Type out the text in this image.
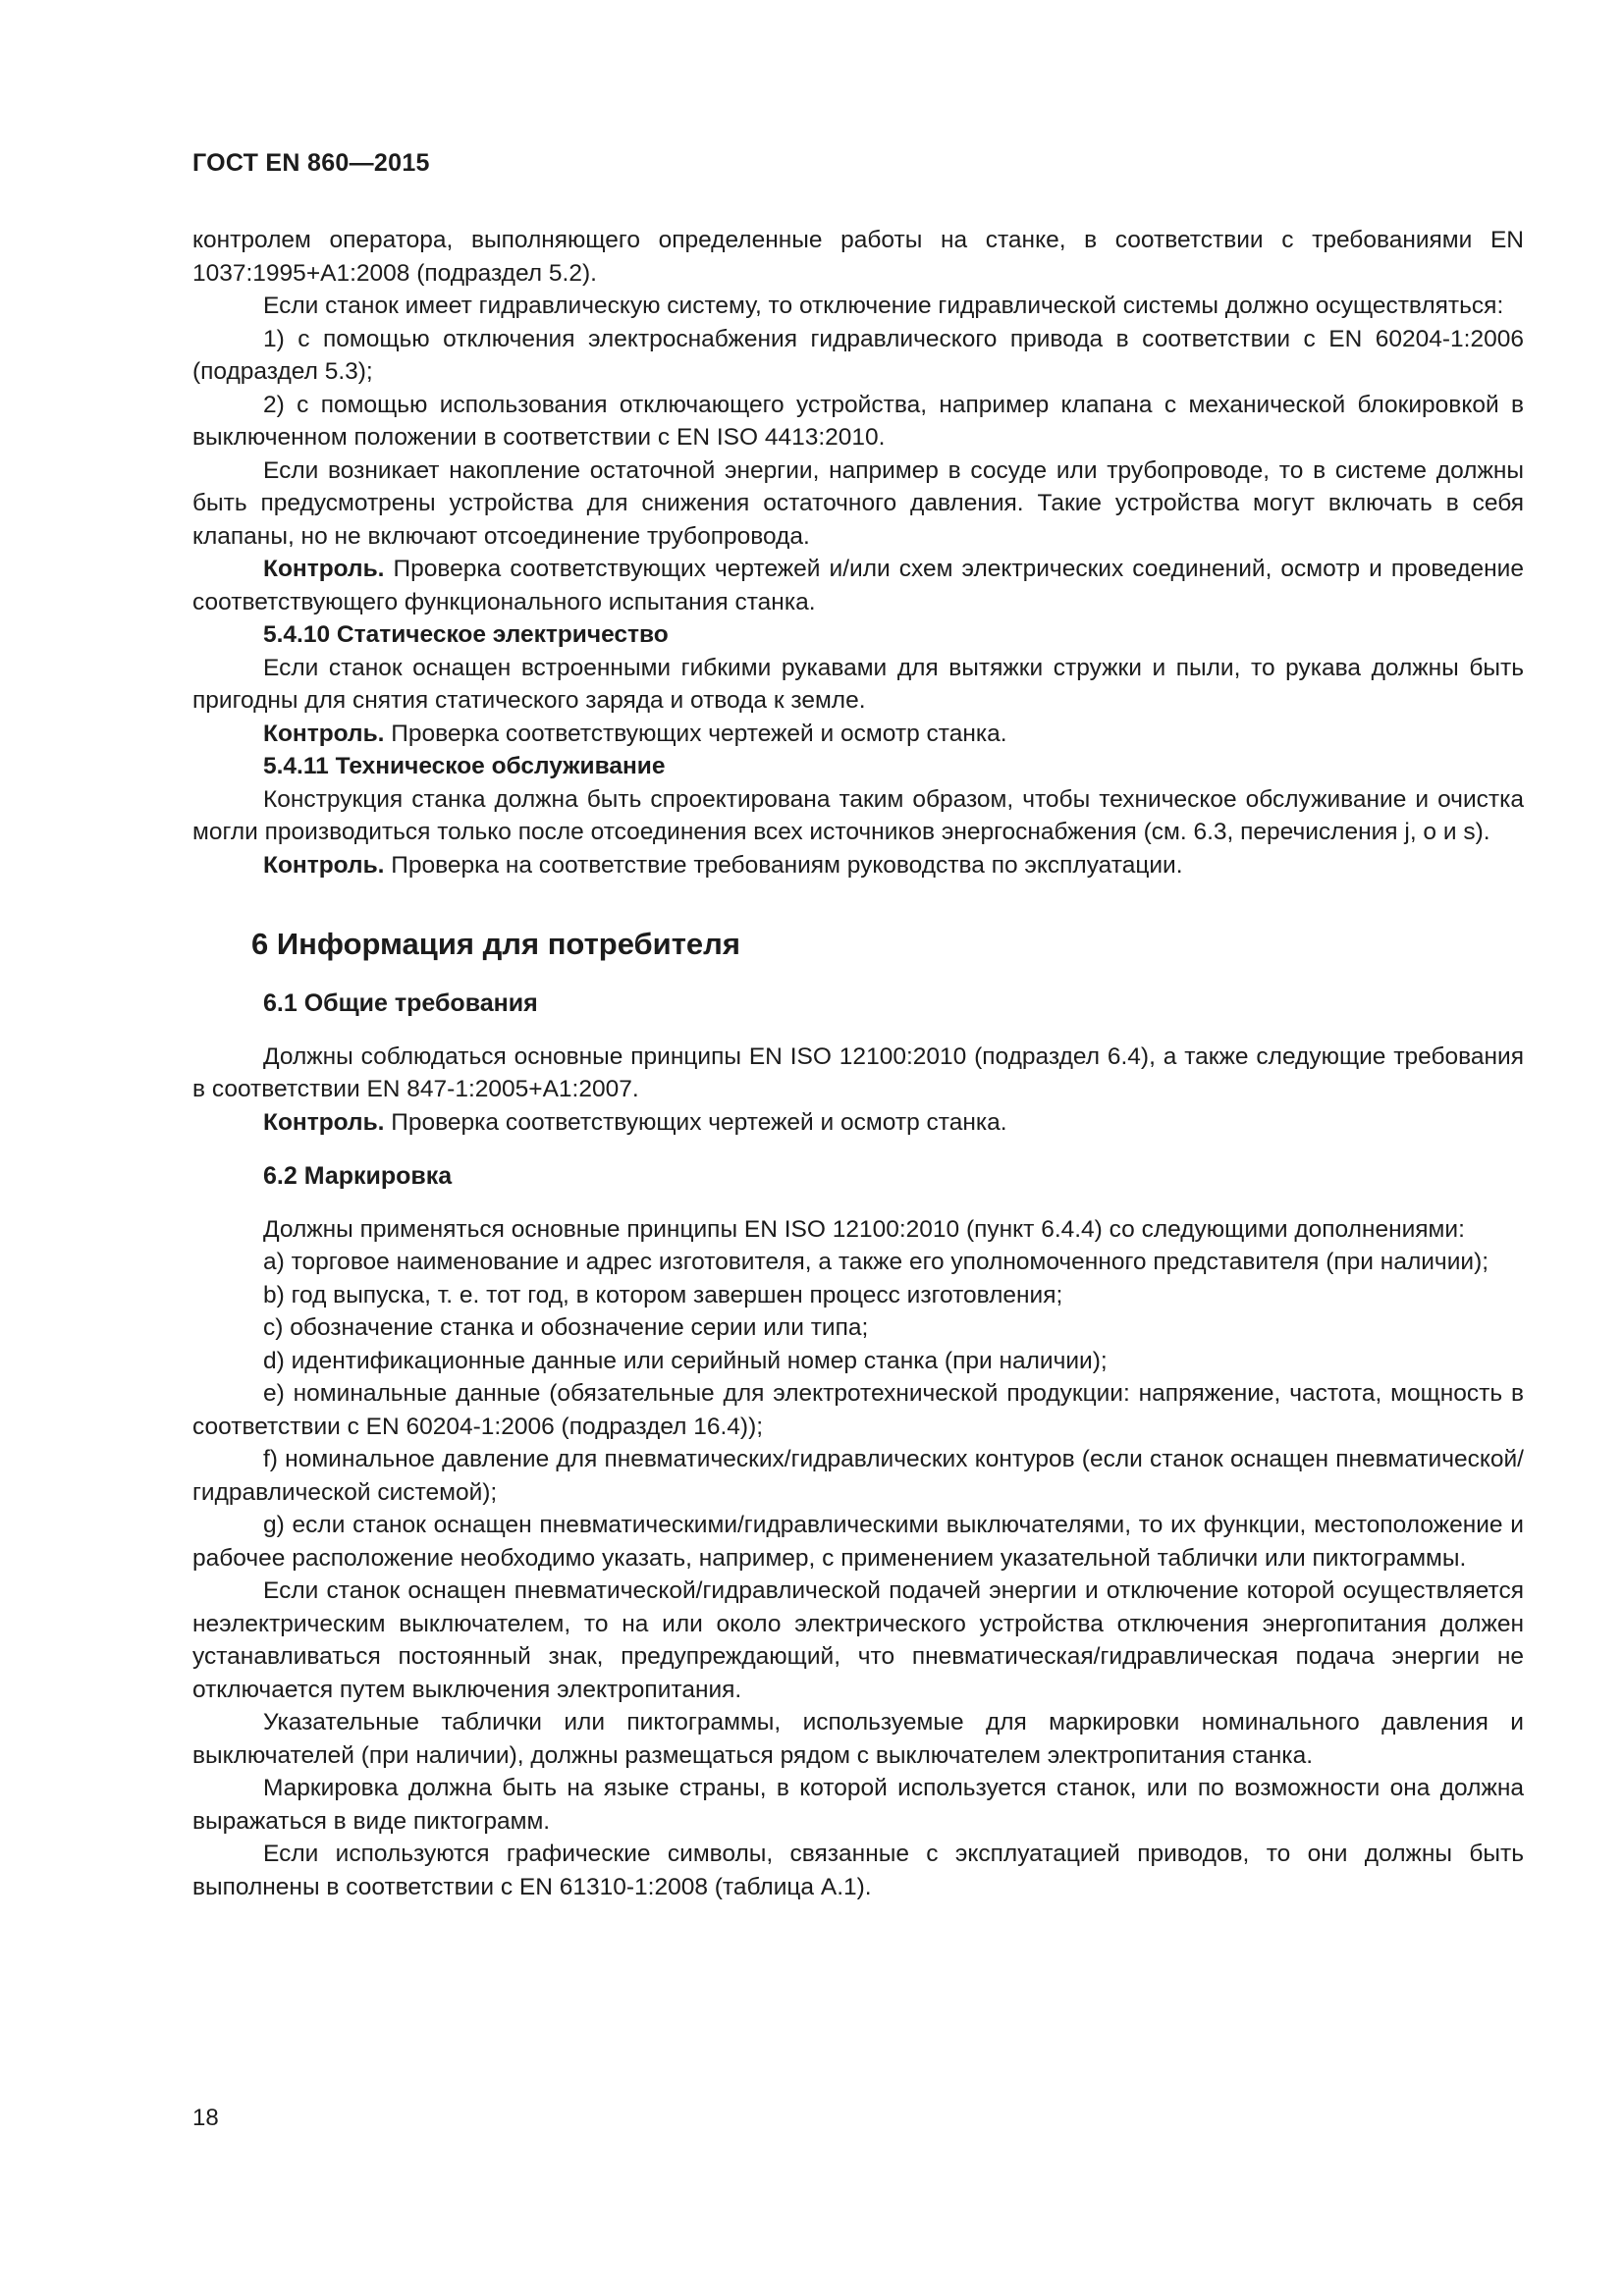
ГОСТ EN 860—2015

контролем оператора, выполняющего определенные работы на станке, в соответствии с требованиями EN 1037:1995+A1:2008 (подраздел 5.2).

Если станок имеет гидравлическую систему, то отключение гидравлической системы должно осуществляться:

1) с помощью отключения электроснабжения гидравлического привода в соответствии с EN 60204-1:2006 (подраздел 5.3);

2) с помощью использования отключающего устройства, например клапана с механической блокировкой в выключенном положении в соответствии с EN ISO 4413:2010.

Если возникает накопление остаточной энергии, например в сосуде или трубопроводе, то в системе должны быть предусмотрены устройства для снижения остаточного давления. Такие устройства могут включать в себя клапаны, но не включают отсоединение трубопровода.

Контроль. Проверка соответствующих чертежей и/или схем электрических соединений, осмотр и проведение соответствующего функционального испытания станка.

5.4.10 Статическое электричество

Если станок оснащен встроенными гибкими рукавами для вытяжки стружки и пыли, то рукава должны быть пригодны для снятия статического заряда и отвода к земле.

Контроль. Проверка соответствующих чертежей и осмотр станка.

5.4.11 Техническое обслуживание

Конструкция станка должна быть спроектирована таким образом, чтобы техническое обслуживание и очистка могли производиться только после отсоединения всех источников энергоснабжения (см. 6.3, перечисления j, o и s).

Контроль. Проверка на соответствие требованиям руководства по эксплуатации.

6 Информация для потребителя
6.1 Общие требования

Должны соблюдаться основные принципы EN ISO 12100:2010 (подраздел 6.4), а также следующие требования в соответствии EN 847-1:2005+A1:2007.

Контроль. Проверка соответствующих чертежей и осмотр станка.

6.2 Маркировка

Должны применяться основные принципы EN ISO 12100:2010 (пункт 6.4.4) со следующими дополнениями:

a) торговое наименование и адрес изготовителя, а также его уполномоченного представителя (при наличии);

b) год выпуска, т. е. тот год, в котором завершен процесс изготовления;

c) обозначение станка и обозначение серии или типа;

d) идентификационные данные или серийный номер станка (при наличии);

e) номинальные данные (обязательные для электротехнической продукции: напряжение, частота, мощность в соответствии с EN 60204-1:2006 (подраздел 16.4));

f) номинальное давление для пневматических/гидравлических контуров (если станок оснащен пневматической/гидравлической системой);

g) если станок оснащен пневматическими/гидравлическими выключателями, то их функции, местоположение и рабочее расположение необходимо указать, например, с применением указательной таблички или пиктограммы.

Если станок оснащен пневматической/гидравлической подачей энергии и отключение которой осуществляется неэлектрическим выключателем, то на или около электрического устройства отключения энергопитания должен устанавливаться постоянный знак, предупреждающий, что пневматическая/гидравлическая подача энергии не отключается путем выключения электропитания.

Указательные таблички или пиктограммы, используемые для маркировки номинального давления и выключателей (при наличии), должны размещаться рядом с выключателем электропитания станка.

Маркировка должна быть на языке страны, в которой используется станок, или по возможности она должна выражаться в виде пиктограмм.

Если используются графические символы, связанные с эксплуатацией приводов, то они должны быть выполнены в соответствии с EN 61310-1:2008 (таблица A.1).

18
